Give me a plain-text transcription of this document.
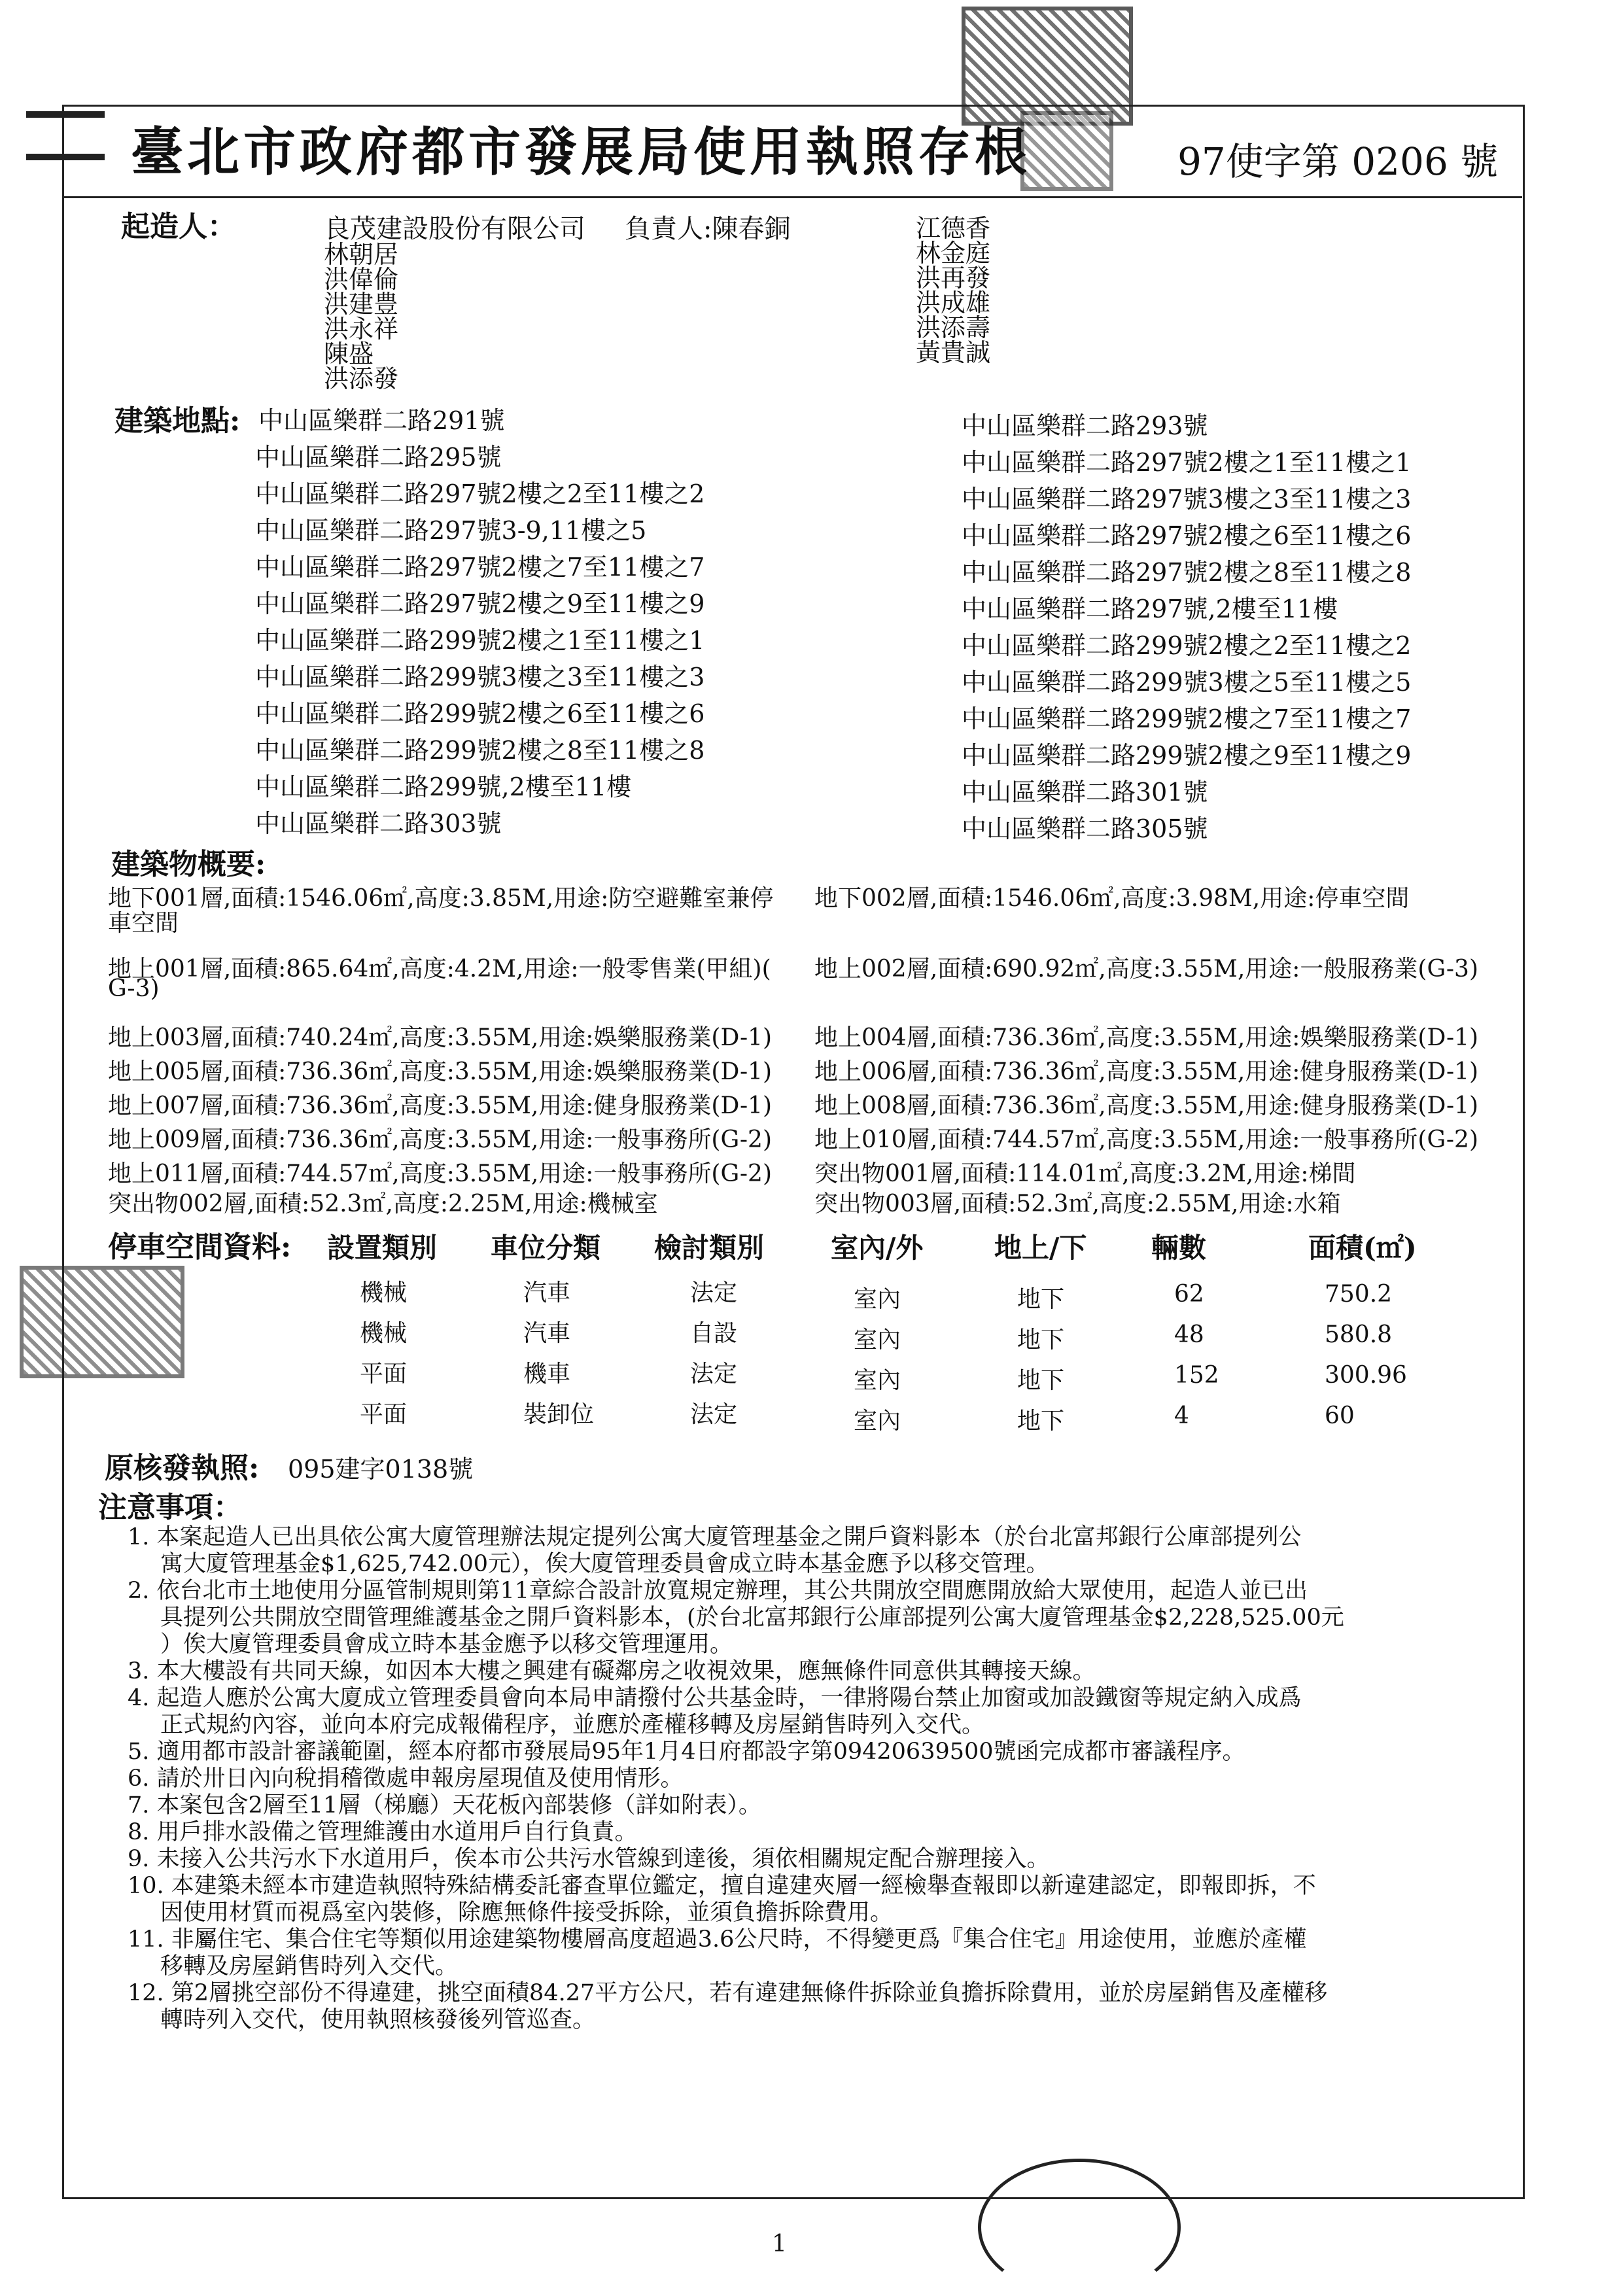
臺北市政府都市發展局使用執照存根	97使字第 0206 號
起造人：	良茂建設股份有限公司 負責人:陳春銅
林朝居
洪偉倫
洪建豊
洪永祥
陳盛
洪添發
江德香
林金庭
洪再發
洪成雄
洪添壽
黃貴誠
建築地點: 中山區樂群二路291號
中山區樂群二路295號
中山區樂群二路297號2樓之2至11樓之2
中山區樂群二路297號3-9,11樓之5
中山區樂群二路297號2樓之7至11樓之7
中山區樂群二路297號2樓之9至11樓之9
中山區樂群二路299號2樓之1至11樓之1
中山區樂群二路299號3樓之3至11樓之3
中山區樂群二路299號2樓之6至11樓之6
中山區樂群二路299號2樓之8至11樓之8
中山區樂群二路299號,2樓至11樓
中山區樂群二路303號
中山區樂群二路293號
中山區樂群二路297號2樓之1至11樓之1
中山區樂群二路297號3樓之3至11樓之3
中山區樂群二路297號2樓之6至11樓之6
中山區樂群二路297號2樓之8至11樓之8
中山區樂群二路297號,2樓至11樓
中山區樂群二路299號2樓之2至11樓之2
中山區樂群二路299號3樓之5至11樓之5
中山區樂群二路299號2樓之7至11樓之7
中山區樂群二路299號2樓之9至11樓之9
中山區樂群二路301號
中山區樂群二路305號
建築物概要:
地下001層,面積:1546.06㎡,高度:3.85M,用途:防空避難室兼停 地下002層,面積:1546.06㎡,高度:3.98M,用途:停車空間
車空間
地上001層,面積:865.64㎡,高度:4.2M,用途:一般零售業(甲組)( 地上002層,面積:690.92㎡,高度:3.55M,用途:一般服務業(G-3)
G-3)
地上003層,面積:740.24㎡,高度:3.55M,用途:娛樂服務業(D-1) 地上004層,面積:736.36㎡,高度:3.55M,用途:娛樂服務業(D-1)
地上005層,面積:736.36㎡,高度:3.55M,用途:娛樂服務業(D-1) 地上006層,面積:736.36㎡,高度:3.55M,用途:健身服務業(D-1)
地上007層,面積:736.36㎡,高度:3.55M,用途:健身服務業(D-1) 地上008層,面積:736.36㎡,高度:3.55M,用途:健身服務業(D-1)
地上009層,面積:736.36㎡,高度:3.55M,用途:一般事務所(G-2) 地上010層,面積:744.57㎡,高度:3.55M,用途:一般事務所(G-2)
地上011層,面積:744.57㎡,高度:3.55M,用途:一般事務所(G-2) 突出物001層,面積:114.01㎡,高度:3.2M,用途:梯間
突出物002層,面積:52.3㎡,高度:2.25M,用途:機械室	突出物003層,面積:52.3㎡,高度:2.55M,用途:水箱
停車空間資料: 設置類別 車位分類 檢討類別 室內/外	地上/下 輛數	面積(㎡)
機械	汽車	法定	室內	地下	62	750.2
機械	汽車	自設	室內	地下	48	580.8
平面	機車	法定	室內	地下	152	300.96
平面	裝卸位	法定	室內	地下	4	60
原核發執照: 095建字0138號
注意事項：
1. 本案起造人已出具依公寓大廈管理辦法規定提列公寓大廈管理基金之開戶資料影本（於台北富邦銀行公庫部提列公
寓大廈管理基金$1,625,742.00元），俟大廈管理委員會成立時本基金應予以移交管理。
2. 依台北市土地使用分區管制規則第11章綜合設計放寬規定辦理，其公共開放空間應開放給大眾使用，起造人並已出
具提列公共開放空間管理維護基金之開戶資料影本，(於台北富邦銀行公庫部提列公寓大廈管理基金$2,228,525.00元
）俟大廈管理委員會成立時本基金應予以移交管理運用。
3. 本大樓設有共同天線，如因本大樓之興建有礙鄰房之收視效果，應無條件同意供其轉接天線。
4. 起造人應於公寓大廈成立管理委員會向本局申請撥付公共基金時，一律將陽台禁止加窗或加設鐵窗等規定納入成爲
正式規約內容，並向本府完成報備程序，並應於產權移轉及房屋銷售時列入交代。
5. 適用都市設計審議範圍，經本府都市發展局95年1月4日府都設字第09420639500號函完成都市審議程序。
6. 請於卅日內向稅捐稽徵處申報房屋現值及使用情形。
7. 本案包含2層至11層（梯廳）天花板內部裝修（詳如附表）。
8. 用戶排水設備之管理維護由水道用戶自行負責。
9. 未接入公共污水下水道用戶，俟本市公共污水管線到達後，須依相關規定配合辦理接入。
10. 本建築未經本市建造執照特殊結構委託審查單位鑑定，擅自違建夾層一經檢舉查報即以新違建認定，即報即拆，不
因使用材質而視爲室內裝修，除應無條件接受拆除，並須負擔拆除費用。
11. 非屬住宅、集合住宅等類似用途建築物樓層高度超過3.6公尺時，不得變更爲『集合住宅』用途使用，並應於產權
移轉及房屋銷售時列入交代。
12. 第2層挑空部份不得違建，挑空面積84.27平方公尺，若有違建無條件拆除並負擔拆除費用，並於房屋銷售及產權移
轉時列入交代，使用執照核發後列管巡查。
1
